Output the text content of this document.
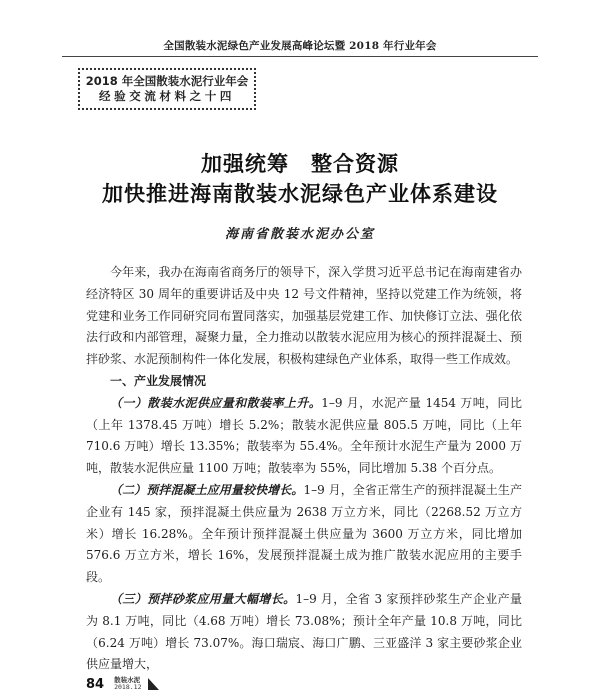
全国散装水泥绿色产业发展高峰论坛暨 2018 年行业年会
2018 年全国散装水泥行业年会
经验交流材料之十四
加强统筹　整合资源
加快推进海南散装水泥绿色产业体系建设
海南省散装水泥办公室

今年来，我办在海南省商务厅的领导下，深入学贯习近平总书记在海南建省办经济特区 30 周年的重要讲话及中央 12 号文件精神，坚持以党建工作为统领，将党建和业务工作同研究同布置同落实，加强基层党建工作、加快修订立法、强化依法行政和内部管理，凝聚力量，全力推动以散装水泥应用为核心的预拌混凝土、预拌砂浆、水泥预制构件一体化发展，积极构建绿色产业体系，取得一些工作成效。

一、产业发展情况

（一）散装水泥供应量和散装率上升。1–9 月，水泥产量 1454 万吨，同比（上年 1378.45 万吨）增长 5.2%；散装水泥供应量 805.5 万吨，同比（上年 710.6 万吨）增长 13.35%；散装率为 55.4%。全年预计水泥生产量为 2000 万吨，散装水泥供应量 1100 万吨；散装率为 55%，同比增加 5.38 个百分点。

（二）预拌混凝土应用量较快增长。1–9 月，全省正常生产的预拌混凝土生产企业有 145 家，预拌混凝土供应量为 2638 万立方米，同比（2268.52 万立方米）增长 16.28%。全年预计预拌混凝土供应量为 3600 万立方米，同比增加 576.6 万立方米，增长 16%，发展预拌混凝土成为推广散装水泥应用的主要手段。

（三）预拌砂浆应用量大幅增长。1–9 月，全省 3 家预拌砂浆生产企业产量为 8.1 万吨，同比（4.68 万吨）增长 73.08%；预计全年产量 10.8 万吨，同比（6.24 万吨）增长 73.07%。海口瑞宸、海口广鹏、三亚盛洋 3 家主要砂浆企业供应量增大，

84 散装水泥
2018.12
